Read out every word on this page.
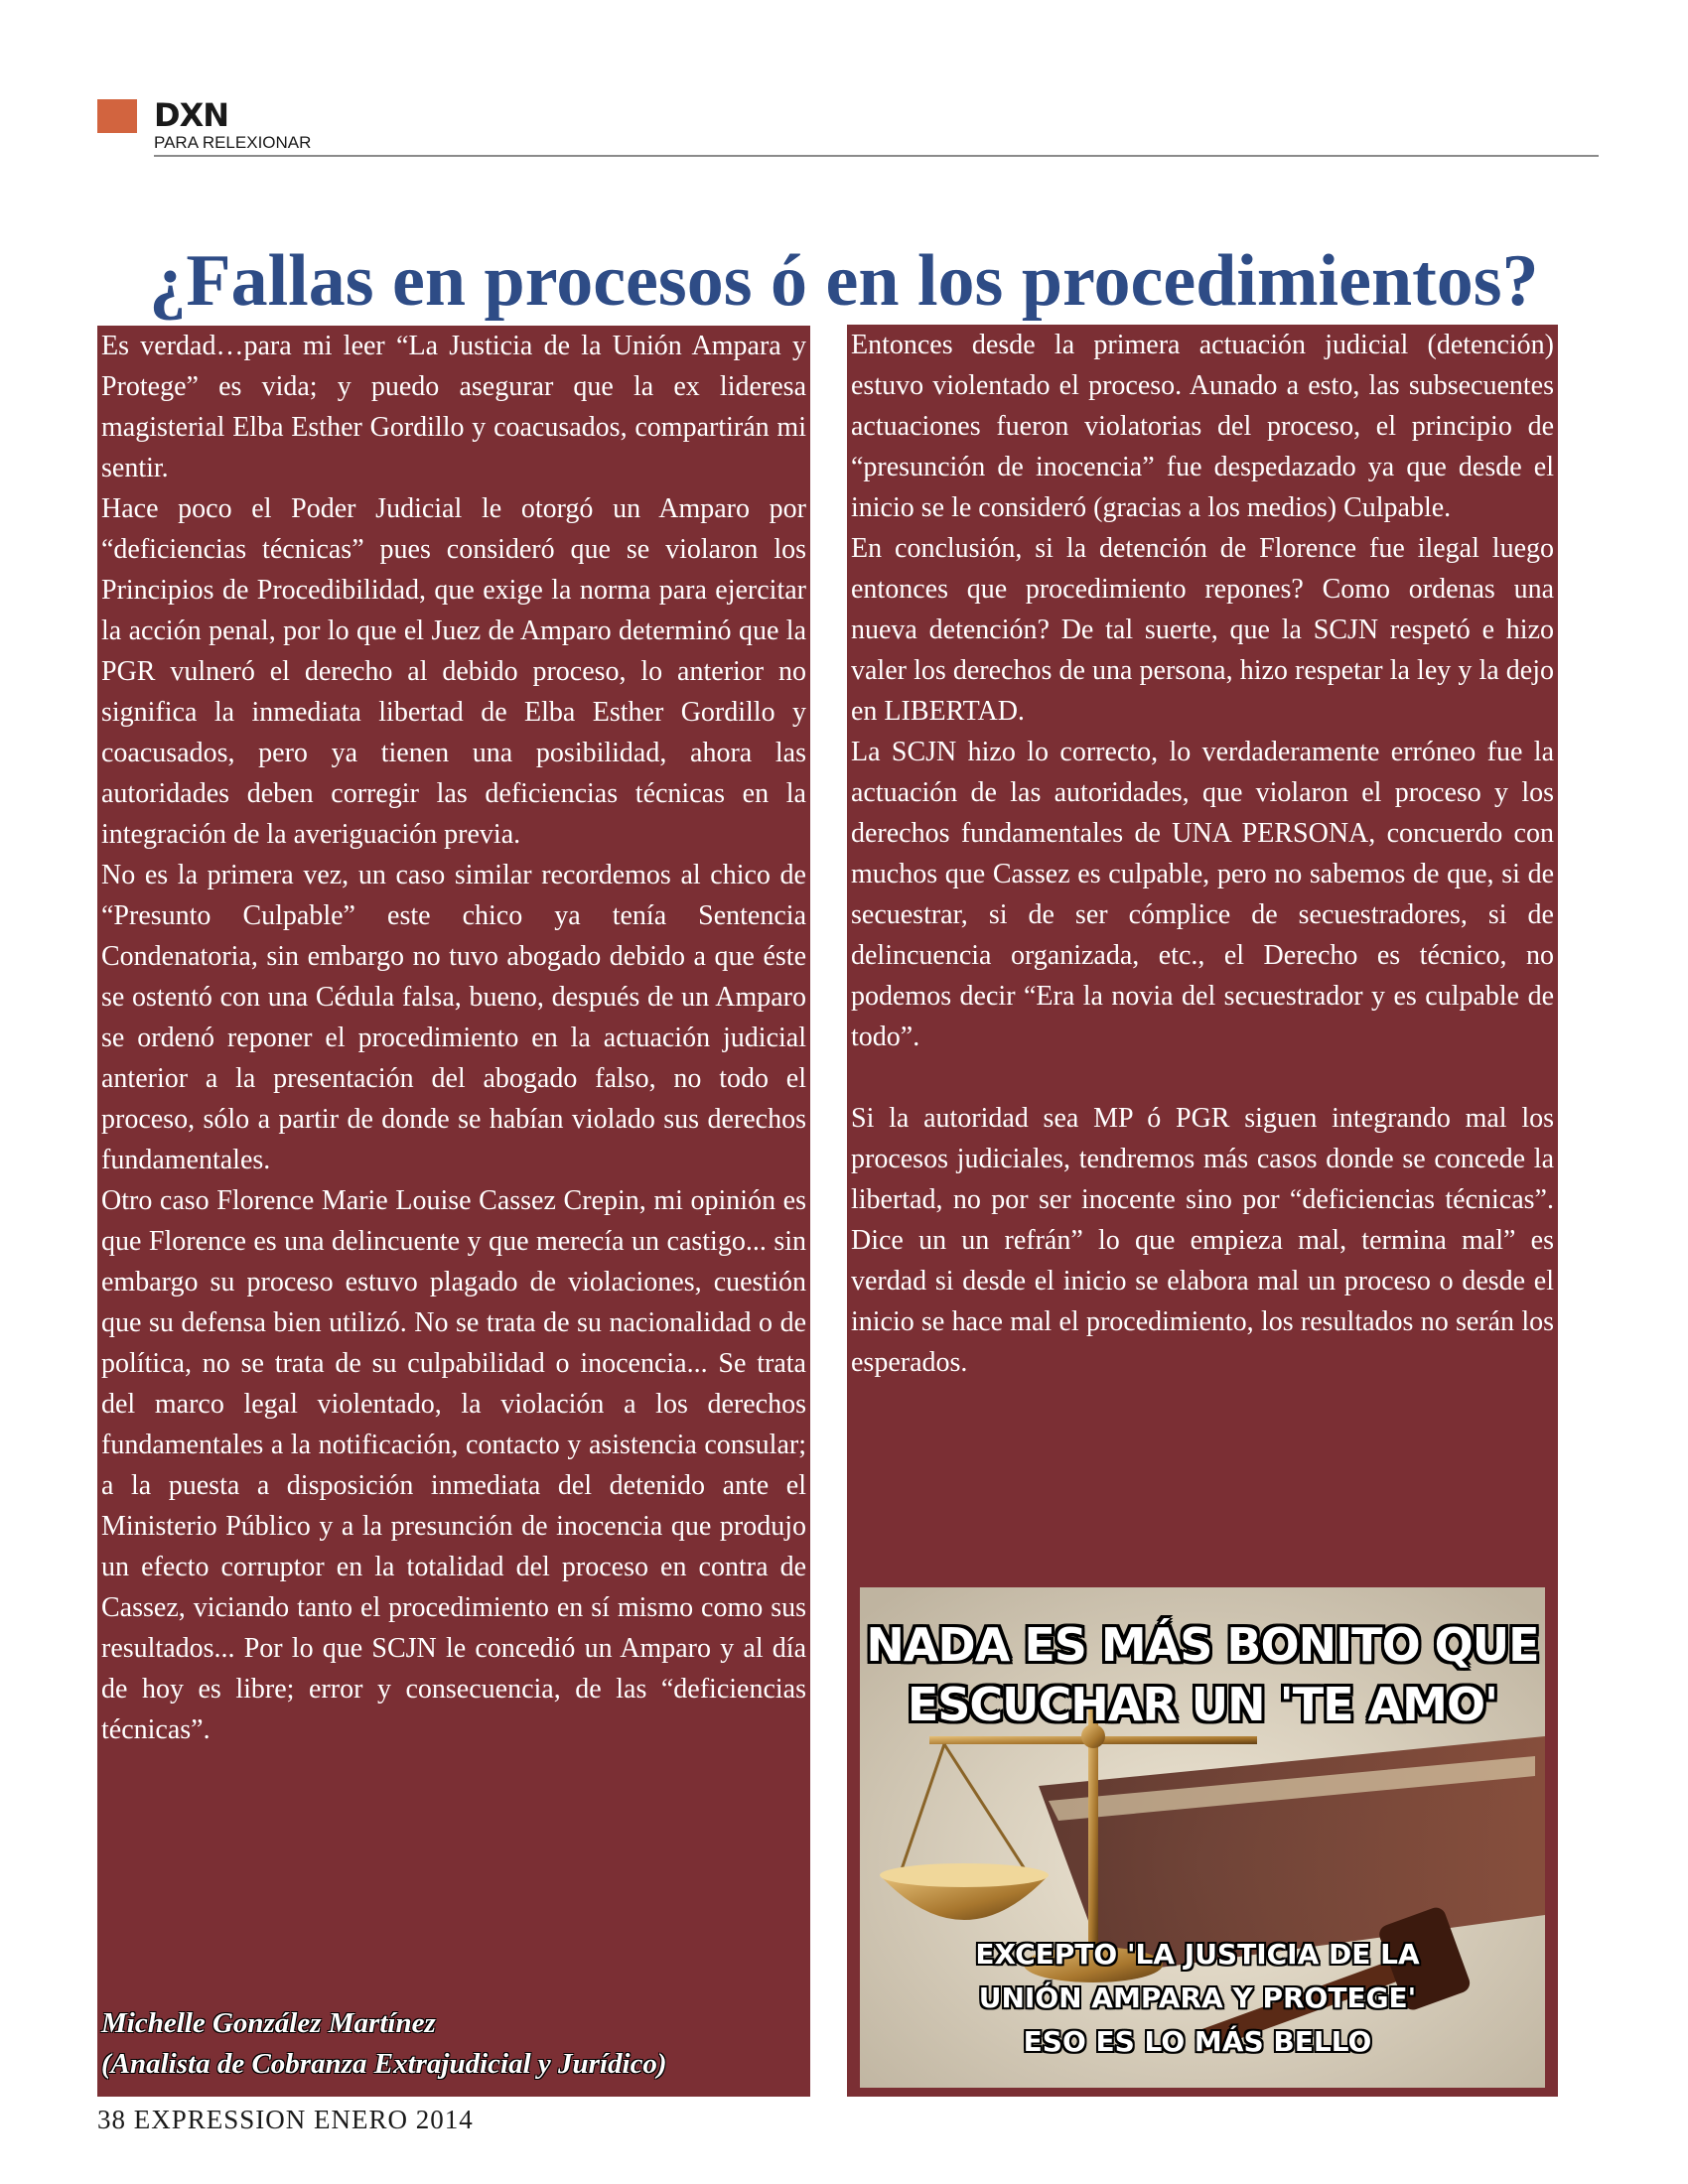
DXN
PARA RELEXIONAR
¿Fallas en procesos ó en los procedimientos?

Es verdad…para mi leer “La Justicia de la Unión Ampara y Protege” es vida; y puedo asegurar que la ex lideresa magisterial Elba Esther Gordillo y coacusados, compartirán mi sentir.

Hace poco el Poder Judicial le otorgó un Amparo por “deficiencias técnicas” pues consideró que se violaron los Principios de Procedibilidad, que exige la norma para ejercitar la acción penal, por lo que el Juez de Amparo determinó que la PGR vulneró el derecho al debido proceso, lo anterior no significa la inmediata libertad de Elba Esther Gordillo y coacusados, pero ya tienen una posibilidad, ahora las autoridades deben corregir las deficiencias técnicas en la integración de la averiguación previa.

No es la primera vez, un caso similar recordemos al chico de “Presunto Culpable” este chico ya tenía Sentencia Condenatoria, sin embargo no tuvo abogado debido a que éste se ostentó con una Cédula falsa, bueno, después de un Amparo se ordenó reponer el procedimiento en la actuación judicial anterior a la presentación del abogado falso, no todo el proceso, sólo a partir de donde se habían violado sus derechos fundamentales.

Otro caso Florence Marie Louise Cassez Crepin, mi opinión es que Florence es una delincuente y que merecía un castigo... sin embargo su proceso estuvo plagado de violaciones, cuestión que su defensa bien utilizó. No se trata de su nacionalidad o de política, no se trata de su culpabilidad o inocencia... Se trata del marco legal violentado, la violación a los derechos fundamentales a la notificación, contacto y asistencia consular; a la puesta a disposición inmediata del detenido ante el Ministerio Público y a la presunción de inocencia que produjo un efecto corruptor en la totalidad del proceso en contra de Cassez, viciando tanto el procedimiento en sí mismo como sus resultados... Por lo que SCJN le concedió un Amparo y al día de hoy es libre; error y consecuencia, de las “deficiencias técnicas”.

Michelle González Martínez
(Analista de Cobranza Extrajudicial y Jurídico)

Entonces desde la primera actuación judicial (detención) estuvo violentado el proceso. Aunado a esto, las subsecuentes actuaciones fueron violatorias del proceso, el principio de “presunción de inocencia” fue despedazado ya que desde el inicio se le consideró (gracias a los medios) Culpable.

En conclusión, si la detención de Florence fue ilegal luego entonces que procedimiento repones? Como ordenas una nueva detención? De tal suerte, que la SCJN respetó e hizo valer los derechos de una persona, hizo respetar la ley y la dejo en LIBERTAD.

La SCJN hizo lo correcto, lo verdaderamente erróneo fue la actuación de las autoridades, que violaron el proceso y los derechos fundamentales de UNA PERSONA, concuerdo con muchos que Cassez es culpable, pero no sabemos de que, si de secuestrar, si de ser cómplice de secuestradores, si de delincuencia organizada, etc., el Derecho es técnico, no podemos decir “Era la novia del secuestrador y es culpable de todo”.

Si la autoridad sea MP ó PGR siguen integrando mal los procesos judiciales, tendremos más casos donde se concede la libertad, no por ser inocente sino por “deficiencias técnicas”. Dice un un refrán” lo que empieza mal, termina mal” es verdad si desde el inicio se elabora mal un proceso o desde el inicio se hace mal el procedimiento, los resultados no serán los esperados.

NADA ES MÁS BONITO QUE
ESCUCHAR UN 'TE AMO'
EXCEPTO 'LA JUSTICIA DE LA
UNIÓN AMPARA Y PROTEGE'
ESO ES LO MÁS BELLO
38 EXPRESSION ENERO 2014
